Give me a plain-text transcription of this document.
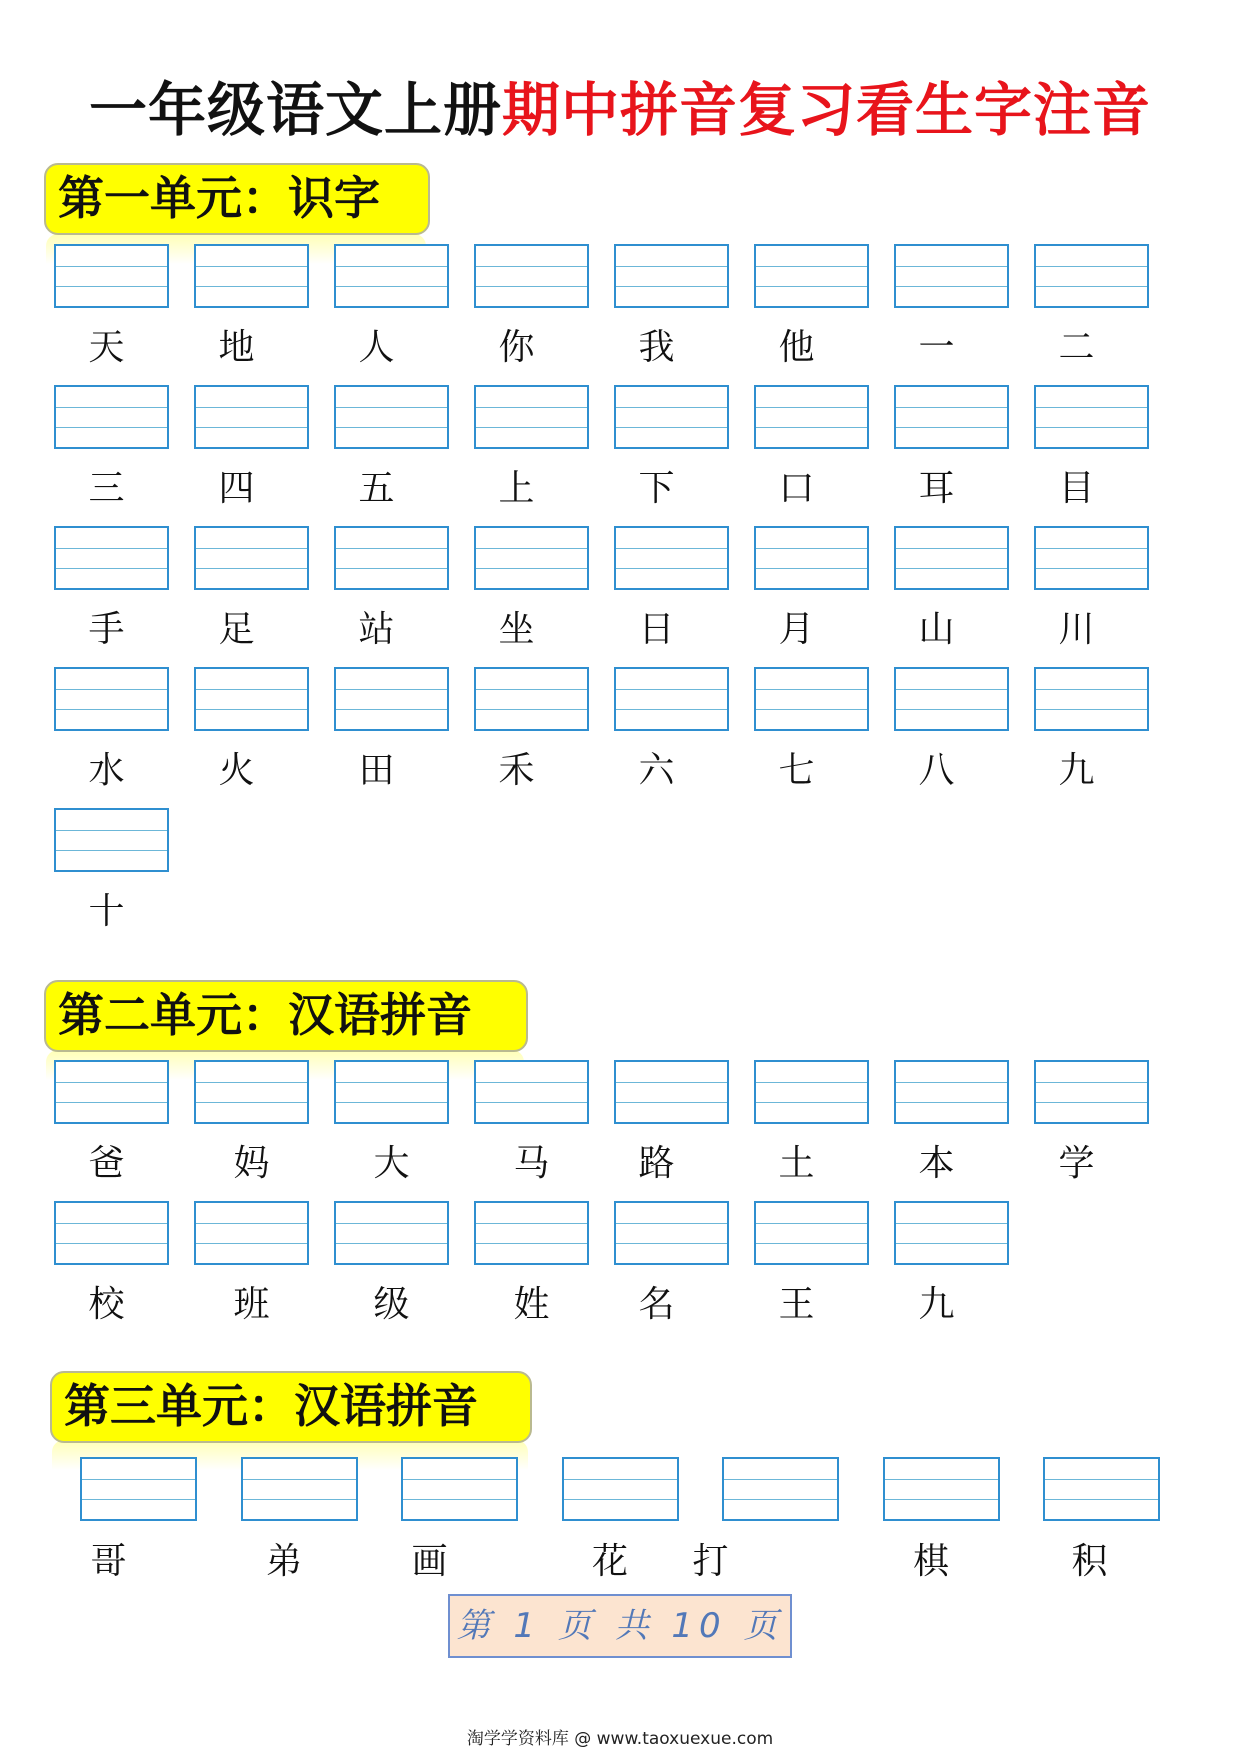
一年级语文上册期中拼音复习看生字注音
第一单元：识字
天	地	人	你	我	他	一	二
三	四	五	上	下	口	耳	目
手	足	站	坐	日	月	山	川
水	火	田	禾	六	七	八	九
十
第二单元：汉语拼音
爸	妈	大	马	路	土	本	学
校	班	级	姓	名	王	九
第三单元：汉语拼音
哥	弟	画	花	打	棋	积
第 1 页 共 10 页
淘学学资料库 @ www.taoxuexue.com
